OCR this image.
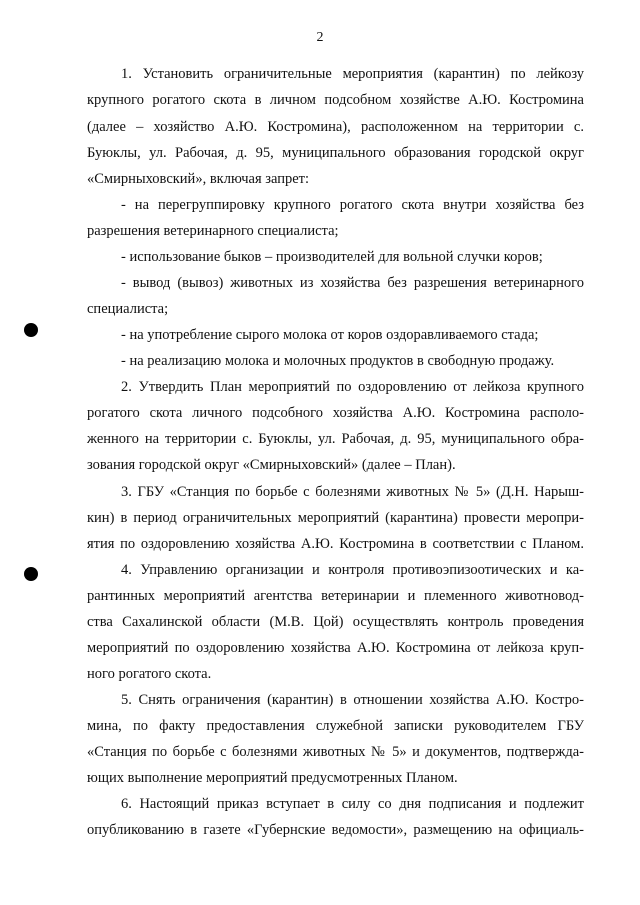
2
1. Установить ограничительные мероприятия (карантин) по лейкозу
крупного рогатого скота в личном подсобном хозяйстве А.Ю. Костромина
(далее – хозяйство А.Ю. Костромина), расположенном на территории с.
Буюклы, ул. Рабочая, д. 95, муниципального образования городской округ
«Смирныховский», включая запрет:
- на перегруппировку крупного рогатого скота внутри хозяйства без
разрешения ветеринарного специалиста;
- использование быков – производителей для вольной случки коров;
- вывод (вывоз) животных из хозяйства без разрешения ветеринарного
специалиста;
- на употребление сырого молока от коров оздоравливаемого стада;
- на реализацию молока и молочных продуктов в свободную продажу.
2. Утвердить План мероприятий по оздоровлению от лейкоза крупного
рогатого скота личного подсобного хозяйства А.Ю. Костромина располо-
женного на территории с. Буюклы, ул. Рабочая, д. 95, муниципального обра-
зования городской округ «Смирныховский» (далее – План).
3. ГБУ «Станция по борьбе с болезнями животных № 5» (Д.Н. Нарыш-
кин) в период ограничительных мероприятий (карантина) провести меропри-
ятия по оздоровлению хозяйства А.Ю. Костромина в соответствии с Планом.
4. Управлению организации и контроля противоэпизоотических и ка-
рантинных мероприятий агентства ветеринарии и племенного животновод-
ства Сахалинской области (М.В. Цой) осуществлять контроль проведения
мероприятий по оздоровлению хозяйства А.Ю. Костромина от лейкоза круп-
ного рогатого скота.
5. Снять ограничения (карантин) в отношении хозяйства А.Ю. Костро-
мина, по факту предоставления служебной записки руководителем ГБУ
«Станция по борьбе с болезнями животных № 5» и документов, подтвержда-
ющих выполнение мероприятий предусмотренных Планом.
6. Настоящий приказ вступает в силу со дня подписания и подлежит
опубликованию в газете «Губернские ведомости», размещению на официаль-
